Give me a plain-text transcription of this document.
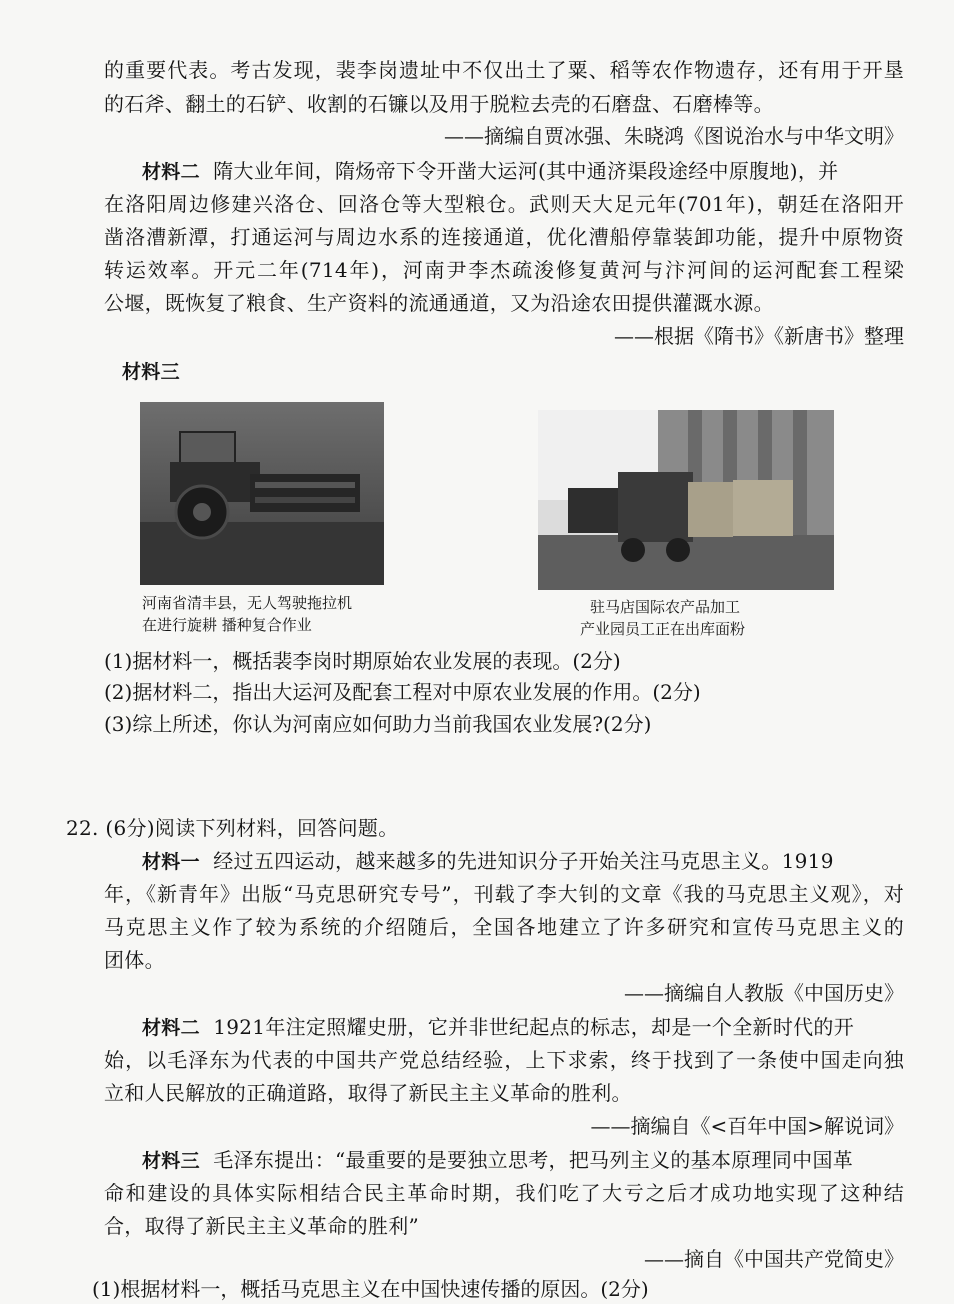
的重要代表。考古发现，裴李岗遗址中不仅出土了粟、稻等农作物遗存，还有用于开垦
的石斧、翻土的石铲、收割的石镰以及用于脱粒去壳的石磨盘、石磨棒等。
——摘编自贾冰强、朱晓鸿《图说治水与中华文明》
材料二 隋大业年间，隋炀帝下令开凿大运河(其中通济渠段途经中原腹地)，并
在洛阳周边修建兴洛仓、回洛仓等大型粮仓。武则天大足元年(701年)，朝廷在洛阳开
凿洛漕新潭，打通运河与周边水系的连接通道，优化漕船停靠装卸功能，提升中原物资
转运效率。开元二年(714年)，河南尹李杰疏浚修复黄河与汴河间的运河配套工程梁
公堰，既恢复了粮食、生产资料的流通通道，又为沿途农田提供灌溉水源。
——根据《隋书》《新唐书》整理
材料三
河南省清丰县，无人驾驶拖拉机
在进行旋耕 播种复合作业
驻马店国际农产品加工
产业园员工正在出库面粉
(1)据材料一，概括裴李岗时期原始农业发展的表现。(2分)
(2)据材料二，指出大运河及配套工程对中原农业发展的作用。(2分)
(3)综上所述，你认为河南应如何助力当前我国农业发展?(2分)
22. (6分)阅读下列材料，回答问题。
材料一 经过五四运动，越来越多的先进知识分子开始关注马克思主义。1919
年，《新青年》出版“马克思研究专号”，刊载了李大钊的文章《我的马克思主义观》，对
马克思主义作了较为系统的介绍随后，全国各地建立了许多研究和宣传马克思主义的
团体。
——摘编自人教版《中国历史》
材料二 1921年注定照耀史册，它并非世纪起点的标志，却是一个全新时代的开
始，以毛泽东为代表的中国共产党总结经验，上下求索，终于找到了一条使中国走向独
立和人民解放的正确道路，取得了新民主主义革命的胜利。
——摘编自《<百年中国>解说词》
材料三 毛泽东提出：“最重要的是要独立思考，把马列主义的基本原理同中国革
命和建设的具体实际相结合民主革命时期，我们吃了大亏之后才成功地实现了这种结
合，取得了新民主主义革命的胜利”
——摘自《中国共产党简史》
(1)根据材料一，概括马克思主义在中国快速传播的原因。(2分)
